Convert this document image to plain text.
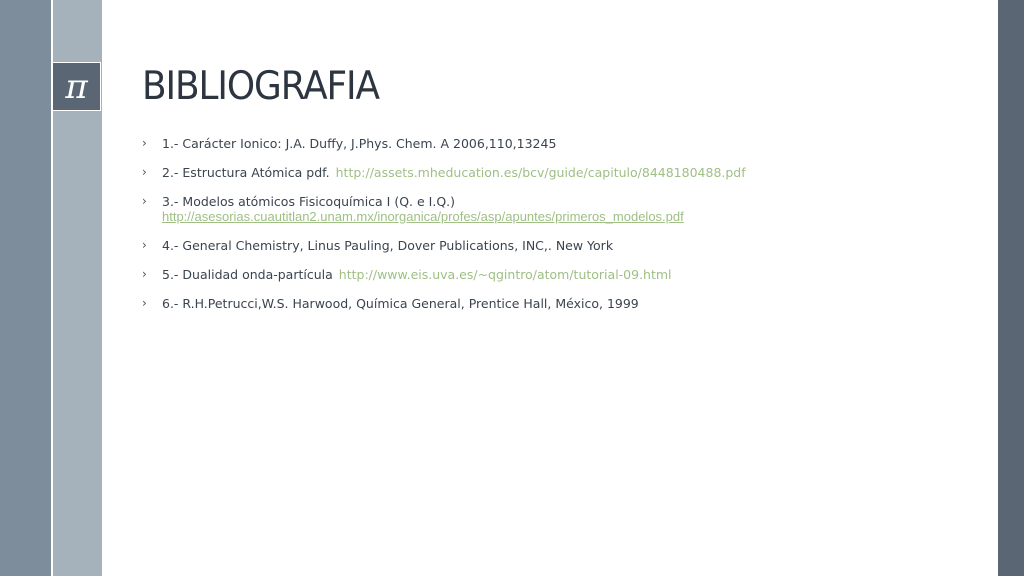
π BIBLIOGRAFIA
› 1.- Carácter Ionico: J.A. Duffy, J.Phys. Chem. A 2006,110,13245
› 2.- Estructura Atómica pdf. http://assets.mheducation.es/bcv/guide/capitulo/8448180488.pdf
› 3.- Modelos atómicos Fisicoquímica I (Q. e I.Q.)
http://asesorias.cuautitlan2.unam.mx/inorganica/profes/asp/apuntes/primeros_modelos.pdf
› 4.- General Chemistry, Linus Pauling, Dover Publications, INC,. New York
› 5.- Dualidad onda-partícula http://www.eis.uva.es/~qgintro/atom/tutorial-09.html
› 6.- R.H.Petrucci,W.S. Harwood, Química General, Prentice Hall, México, 1999
